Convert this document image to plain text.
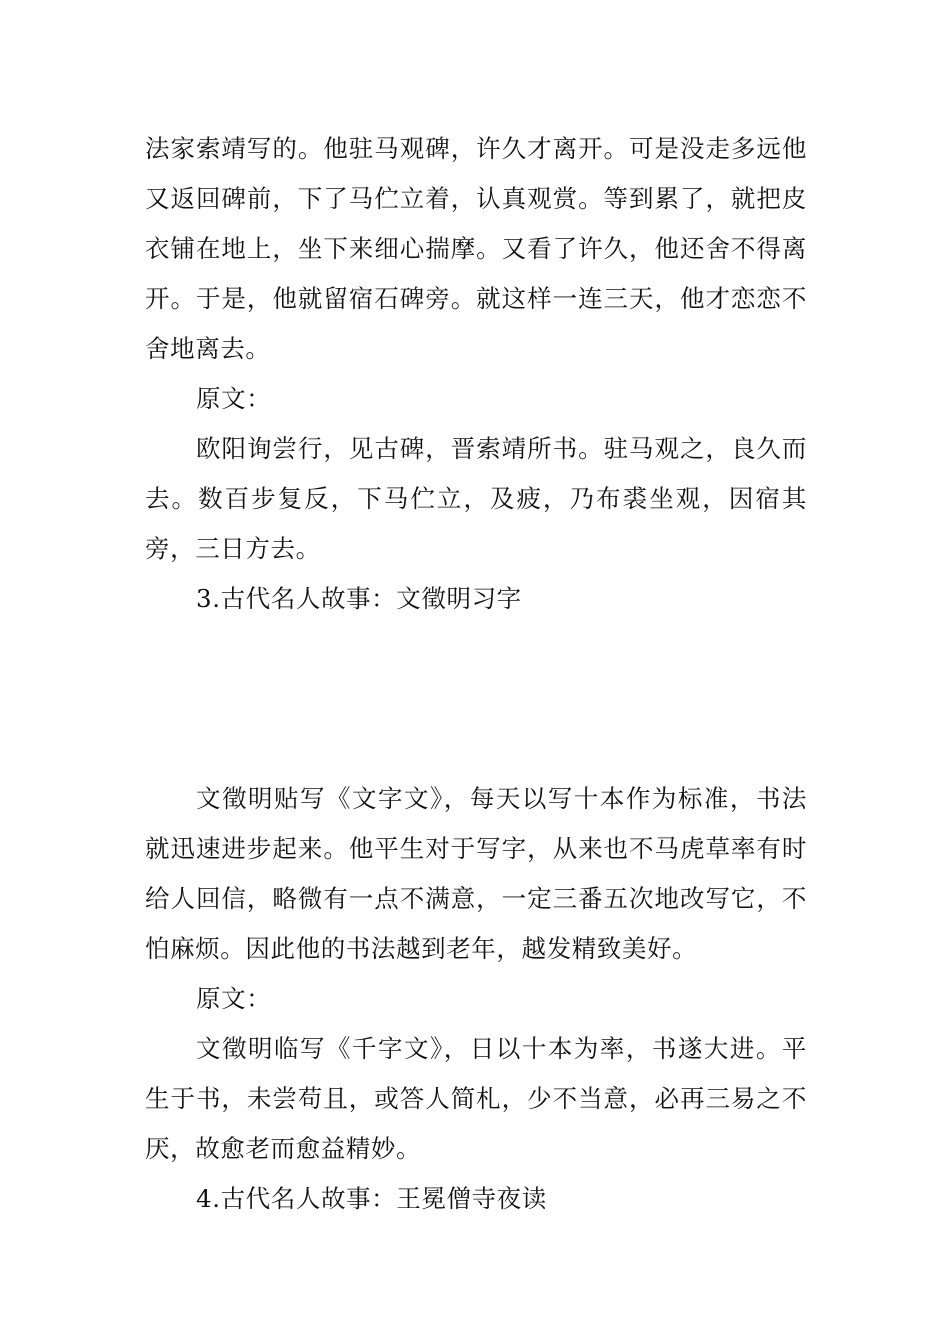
法家索靖写的。他驻马观碑，许久才离开。可是没走多远他又返回碑前，下了马伫立着，认真观赏。等到累了，就把皮衣铺在地上，坐下来细心揣摩。又看了许久，他还舍不得离开。于是，他就留宿石碑旁。就这样一连三天，他才恋恋不舍地离去。

原文：

欧阳询尝行，见古碑，晋索靖所书。驻马观之，良久而去。数百步复反，下马伫立，及疲，乃布裘坐观，因宿其旁，三日方去。

3.古代名人故事：文徵明习字

文徵明贴写《文字文》，每天以写十本作为标准，书法就迅速进步起来。他平生对于写字，从来也不马虎草率有时给人回信，略微有一点不满意，一定三番五次地改写它，不怕麻烦。因此他的书法越到老年，越发精致美好。

原文：

文徵明临写《千字文》，日以十本为率，书遂大进。平生于书，未尝苟且，或答人简札，少不当意，必再三易之不厌，故愈老而愈益精妙。

4.古代名人故事：王冕僧寺夜读
